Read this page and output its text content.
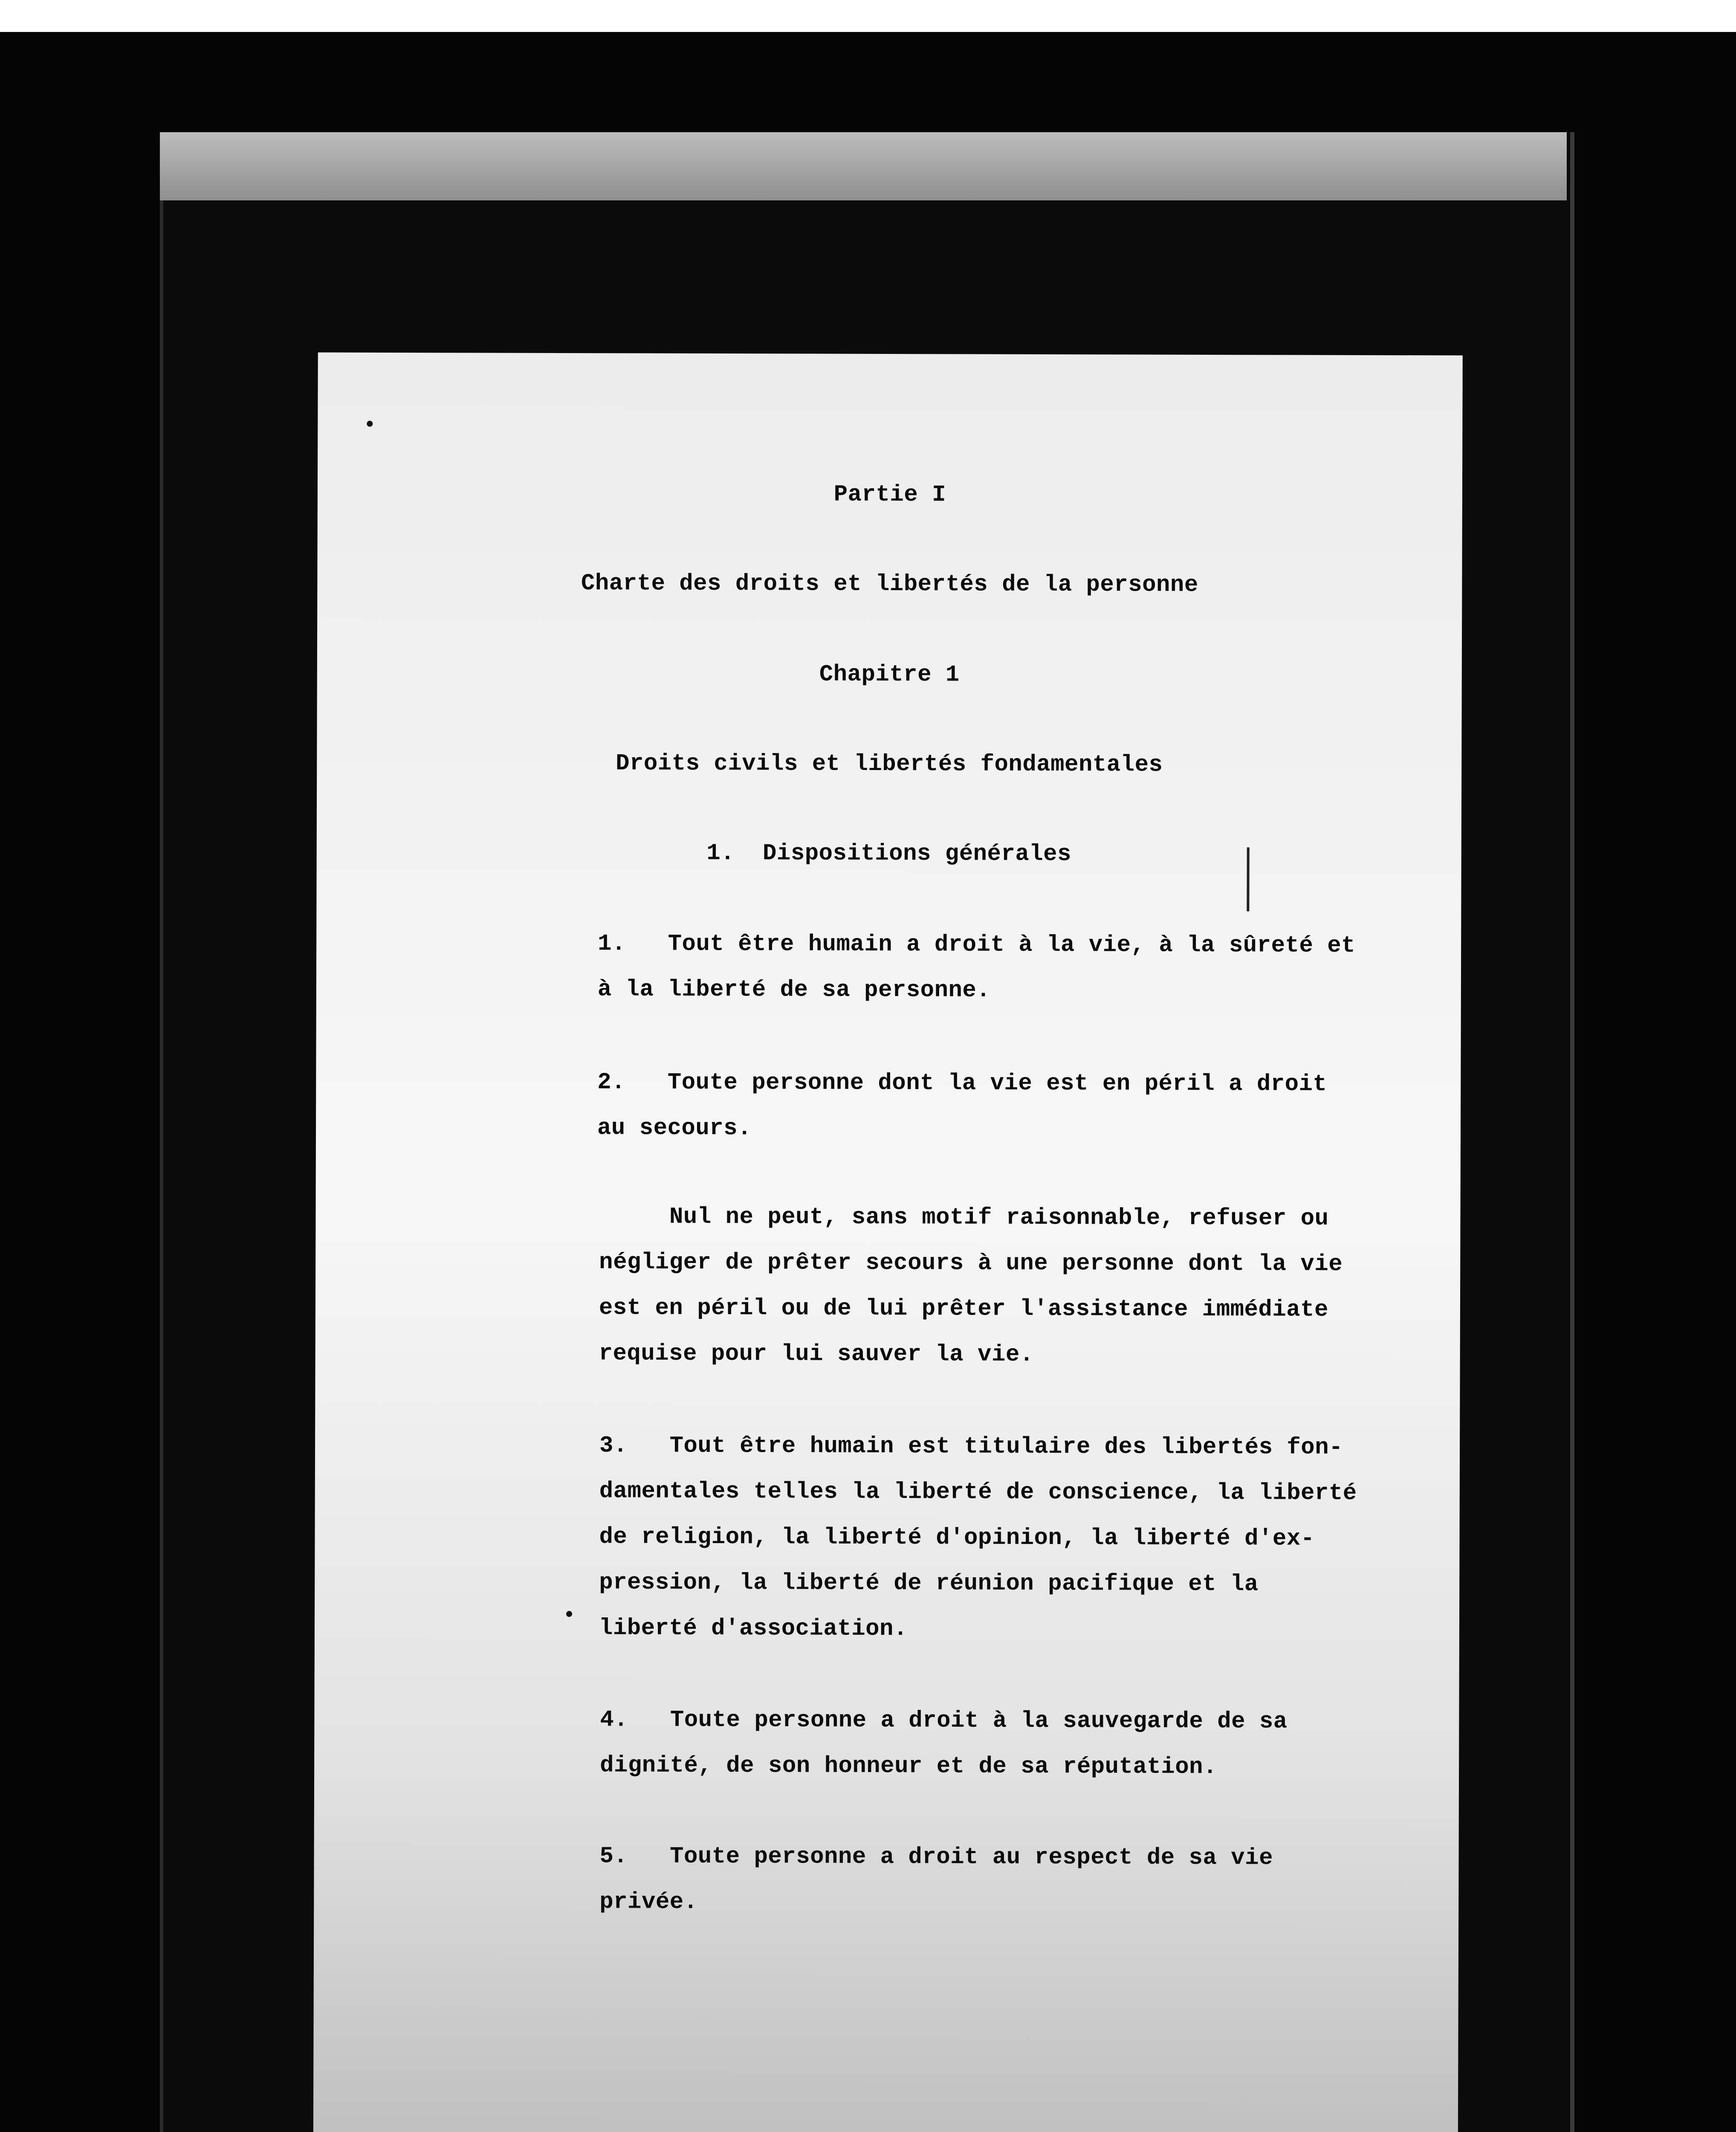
Partie I
Charte des droits et libertés de la personne
Chapitre 1
Droits civils et libertés fondamentales
1.  Dispositions générales
1.   Tout être humain a droit à la vie, à la sûreté et
à la liberté de sa personne.
2.   Toute personne dont la vie est en péril a droit
au secours.
Nul ne peut, sans motif raisonnable, refuser ou
négliger de prêter secours à une personne dont la vie
est en péril ou de lui prêter l'assistance immédiate
requise pour lui sauver la vie.
3.   Tout être humain est titulaire des libertés fon-
damentales telles la liberté de conscience, la liberté
de religion, la liberté d'opinion, la liberté d'ex-
pression, la liberté de réunion pacifique et la
liberté d'association.
4.   Toute personne a droit à la sauvegarde de sa
dignité, de son honneur et de sa réputation.
5.   Toute personne a droit au respect de sa vie
privée.
